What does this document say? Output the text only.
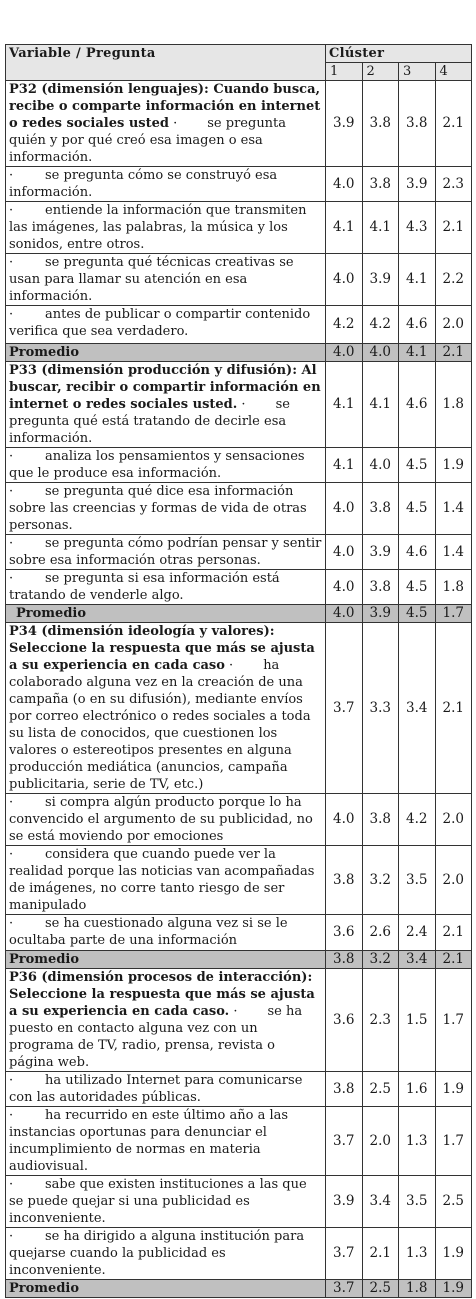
Variable / Pregunta	Clúster			
	1	2	3	4
P32 (dimensión lenguajes): Cuando busca, recibe o comparte información en internet o redes sociales usted · se pregunta quién y por qué creó esa imagen o esa información.	3.9	3.8	3.8	2.1
· se pregunta cómo se construyó esa información.	4.0	3.8	3.9	2.3
· entiende la información que transmiten las imágenes, las palabras, la música y los sonidos, entre otros.	4.1	4.1	4.3	2.1
· se pregunta qué técnicas creativas se usan para llamar su atención en esa información.	4.0	3.9	4.1	2.2
· antes de publicar o compartir contenido verifica que sea verdadero.	4.2	4.2	4.6	2.0
Promedio	4.0	4.0	4.1	2.1
P33 (dimensión producción y difusión): Al buscar, recibir o compartir información en internet o redes sociales usted. · se pregunta qué está tratando de decirle esa información.	4.1	4.1	4.6	1.8
· analiza los pensamientos y sensaciones que le produce esa información.	4.1	4.0	4.5	1.9
· se pregunta qué dice esa información sobre las creencias y formas de vida de otras personas.	4.0	3.8	4.5	1.4
· se pregunta cómo podrían pensar y sentir sobre esa información otras personas.	4.0	3.9	4.6	1.4
· se pregunta si esa información está tratando de venderle algo.	4.0	3.8	4.5	1.8
Promedio	4.0	3.9	4.5	1.7
P34 (dimensión ideología y valores): Seleccione la respuesta que más se ajusta a su experiencia en cada caso · ha colaborado alguna vez en la creación de una campaña (o en su difusión), mediante envíos por correo electrónico o redes sociales a toda su lista de conocidos, que cuestionen los valores o estereotipos presentes en alguna producción mediática (anuncios, campaña publicitaria, serie de TV, etc.)	3.7	3.3	3.4	2.1
· si compra algún producto porque lo ha convencido el argumento de su publicidad, no se está moviendo por emociones	4.0	3.8	4.2	2.0
· considera que cuando puede ver la realidad porque las noticias van acompañadas de imágenes, no corre tanto riesgo de ser manipulado	3.8	3.2	3.5	2.0
· se ha cuestionado alguna vez si se le ocultaba parte de una información	3.6	2.6	2.4	2.1
Promedio	3.8	3.2	3.4	2.1
P36 (dimensión procesos de interacción): Seleccione la respuesta que más se ajusta a su experiencia en cada caso. · se ha puesto en contacto alguna vez con un programa de TV, radio, prensa, revista o página web.	3.6	2.3	1.5	1.7
· ha utilizado Internet para comunicarse con las autoridades públicas.	3.8	2.5	1.6	1.9
· ha recurrido en este último año a las instancias oportunas para denunciar el incumplimiento de normas en materia audiovisual.	3.7	2.0	1.3	1.7
· sabe que existen instituciones a las que se puede quejar si una publicidad es inconveniente.	3.9	3.4	3.5	2.5
· se ha dirigido a alguna institución para quejarse cuando la publicidad es inconveniente.	3.7	2.1	1.3	1.9
Promedio	3.7	2.5	1.8	1.9
